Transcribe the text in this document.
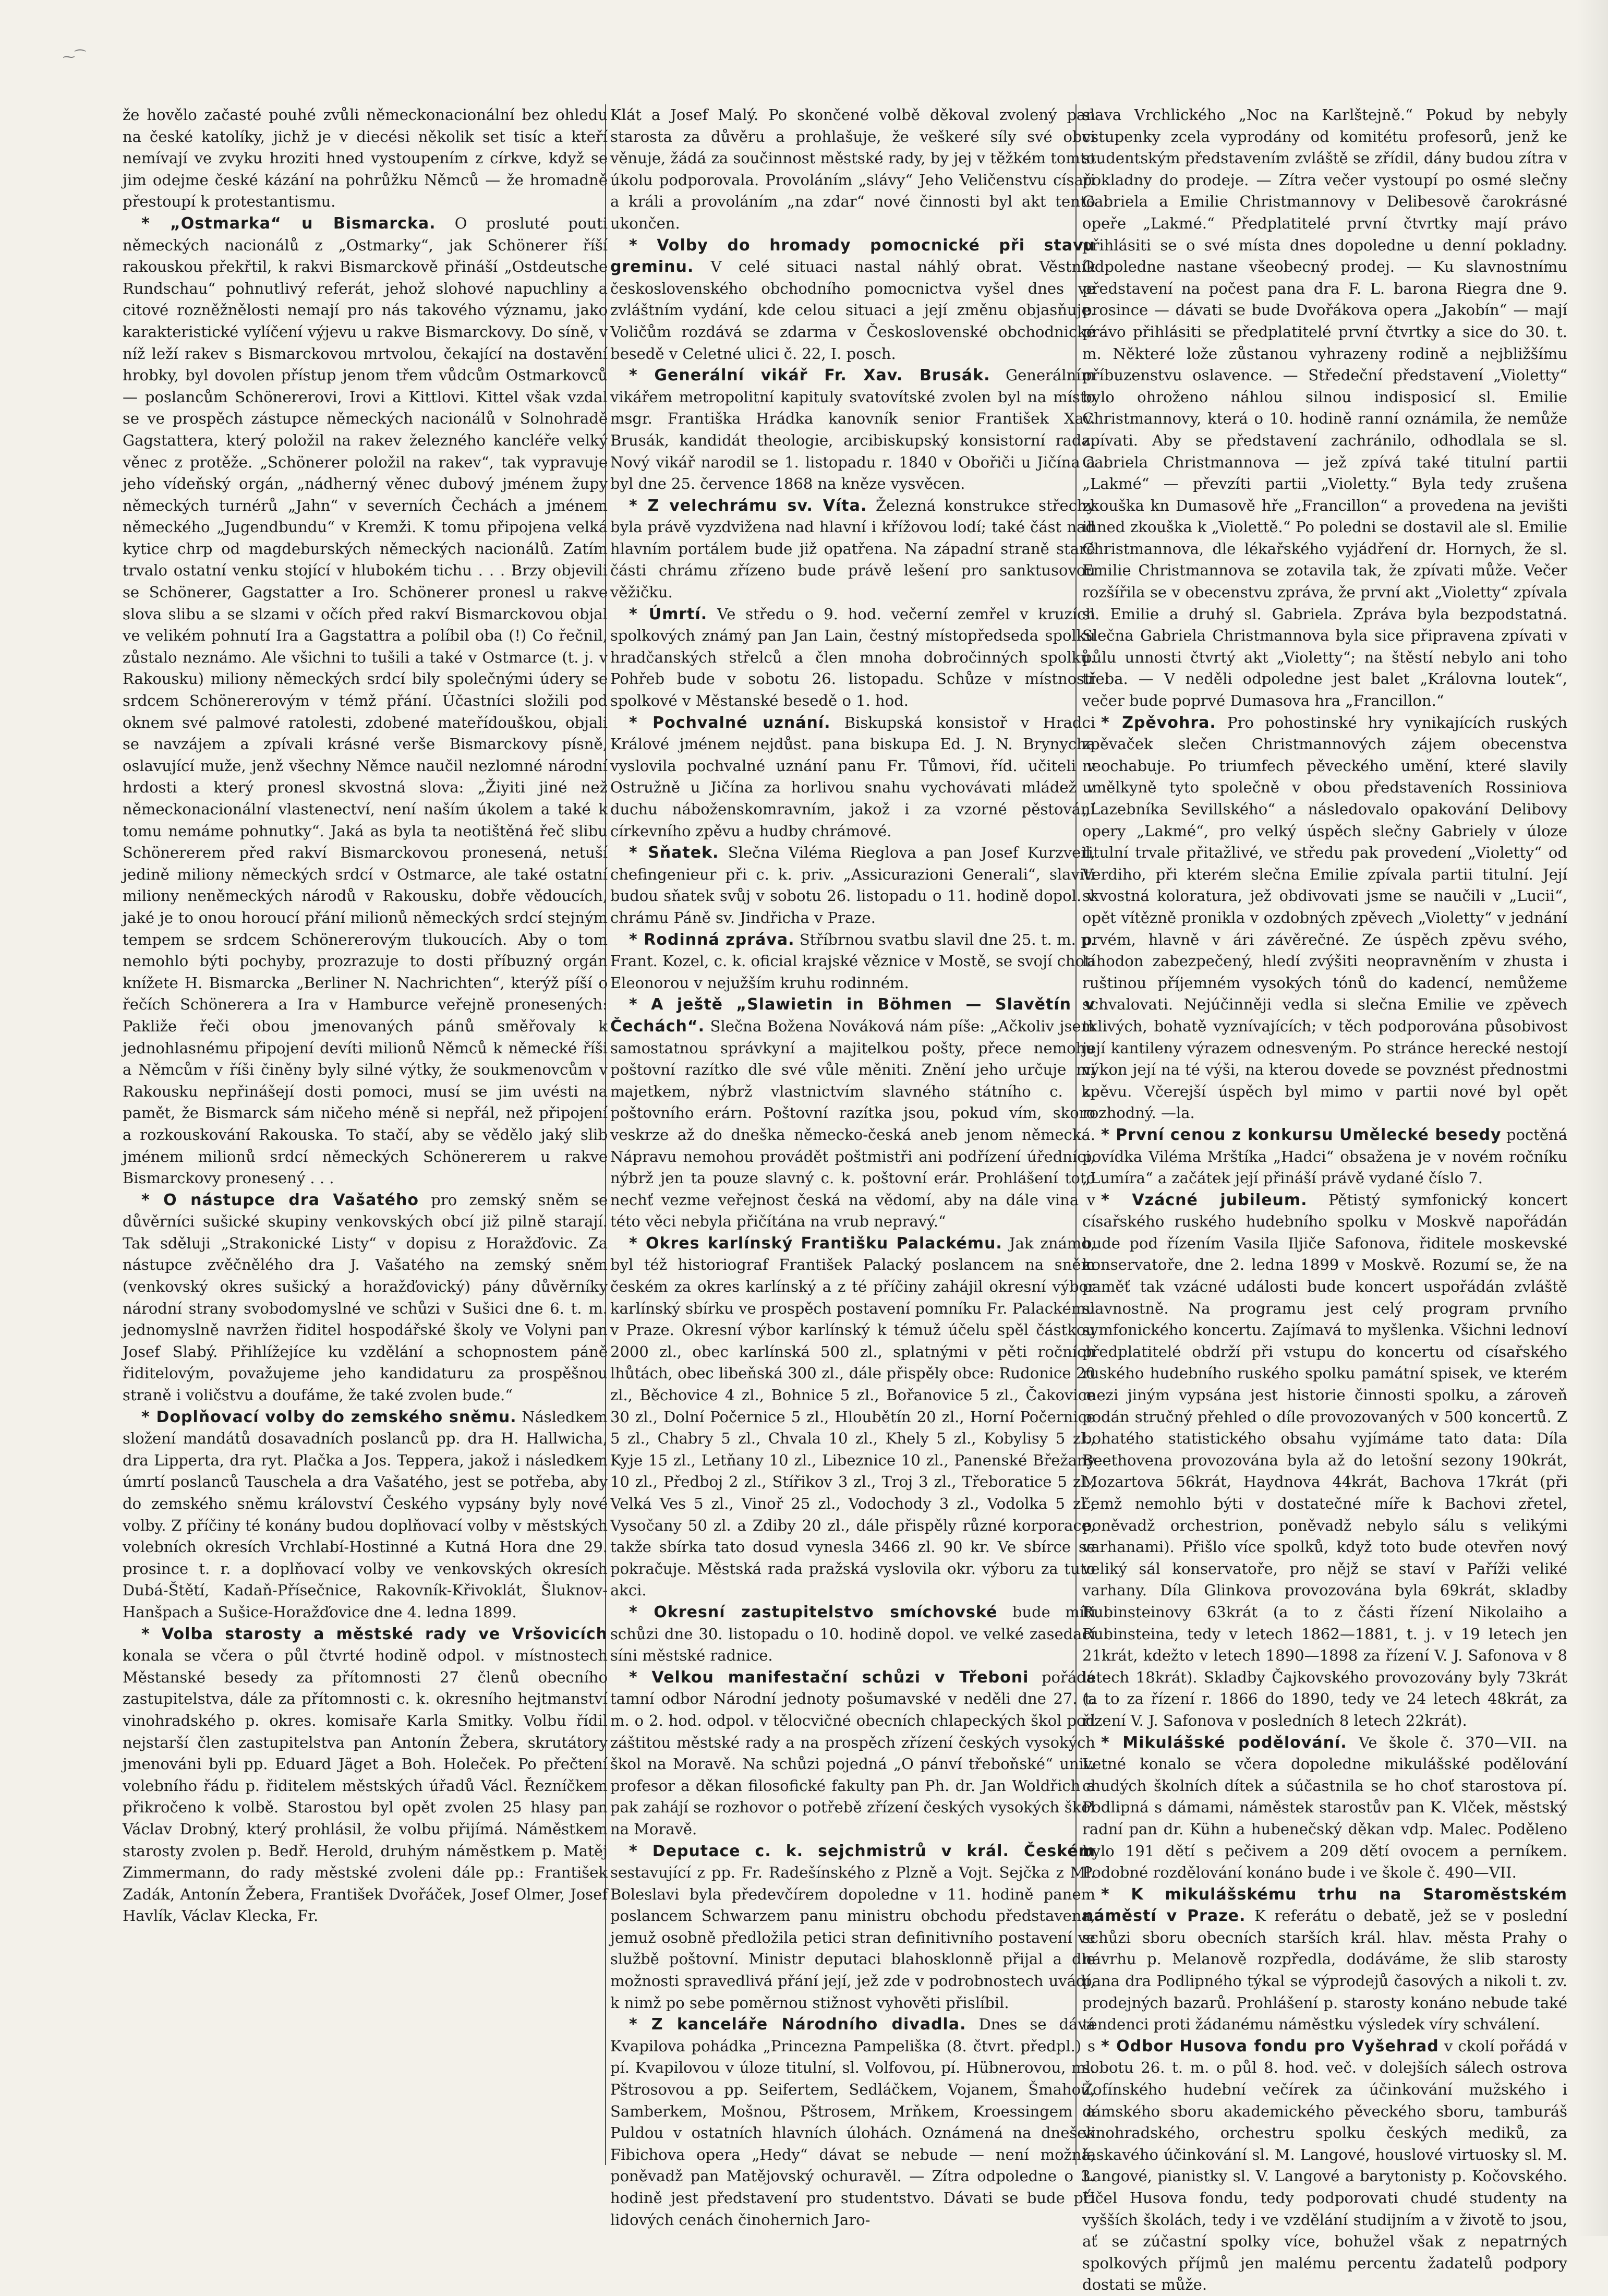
⁓⁀

že hovělo začasté pouhé zvůli německonacionální bez ohledu na české katolíky, jichž je v diecési několik set tisíc a kteří nemívají ve zvyku hroziti hned vystoupením z církve, když se jim odejme české kázání na pohrůžku Němců — že hromadně přestoupí k protestantismu.

* „Ostmarka“ u Bismarcka. O prosluté pouti německých nacionálů z „Ostmarky“, jak Schönerer říší rakouskou překřtil, k rakvi Bismarckově přináší „Ostdeutsche Rundschau“ pohnutlivý referát, jehož slohové napuchliny a citové rozněžnělosti nemají pro nás takového významu, jako karakteristické vylíčení výjevu u rakve Bismarckovy. Do síně, v níž leží rakev s Bismarckovou mrtvolou, čekající na dostavění hrobky, byl dovolen přístup jenom třem vůdcům Ostmarkovců — poslancům Schönererovi, Irovi a Kittlovi. Kittel však vzdal se ve prospěch zástupce německých nacionálů v Solnohradě Gagstattera, který položil na rakev železného kancléře velký věnec z protěže. „Schönerer položil na rakev“, tak vypravuje jeho vídeňský orgán, „nádherný věnec dubový jménem župy německých turnérů „Jahn“ v severních Čechách a jménem německého „Jugendbundu“ v Kremži. K tomu připojena velká kytice chrp od magdeburských německých nacionálů. Zatím trvalo ostatní venku stojící v hlubokém tichu . . . Brzy objevili se Schönerer, Gagstatter a Iro. Schönerer pronesl u rakve slova slibu a se slzami v očích před rakví Bismarckovou objal ve velikém pohnutí Ira a Gagstattra a políbil oba (!) Co řečnil, zůstalo neznámo. Ale všichni to tušili a také v Ostmarce (t. j. v Rakousku) miliony německých srdcí bily společnými údery se srdcem Schönererovým v témž přání. Účastníci složili pod oknem své palmové ratolesti, zdobené mateřídouškou, objali se navzájem a zpívali krásné verše Bismarckovy písně, oslavující muže, jenž všechny Němce naučil nezlomné národní hrdosti a který pronesl skvostná slova: „Žiyiti jiné než německonacionální vlastenectví, není naším úkolem a také k tomu nemáme pohnutky“. Jaká as byla ta neotištěná řeč slibu Schönererem před rakví Bismarckovou pronesená, netuší jedině miliony německých srdcí v Ostmarce, ale také ostatní miliony neněmeckých národů v Rakousku, dobře vědoucích, jaké je to onou horoucí přání milionů německých srdcí stejným tempem se srdcem Schönererovým tlukoucích. Aby o tom nemohlo býti pochyby, prozrazuje to dosti příbuzný orgán knížete H. Bismarcka „Berliner N. Nachrichten“, kterýž píší o řečích Schönerera a Ira v Hamburce veřejně pronesených: Pakliže řeči obou jmenovaných pánů směřovaly k jednohlasnému připojení devíti milionů Němců k německé říši a Němcům v říši činěny byly silné výtky, že soukmenovcům v Rakousku nepřinášejí dosti pomoci, musí se jim uvésti na pamět, že Bismarck sám ničeho méně si nepřál, než připojení a rozkouskování Rakouska. To stačí, aby se vědělo jaký slib jménem milionů srdcí německých Schönererem u rakve Bismarckovy pronesený . . .

* O nástupce dra Vašatého pro zemský sněm se důvěrníci sušické skupiny venkovských obcí již pilně starají. Tak sděluji „Strakonické Listy“ v dopisu z Horažďovic. Za nástupce zvěčnělého dra J. Vašatého na zemský sněm (venkovský okres sušický a horažďovický) pány důvěrníky národní strany svobodomyslné ve schůzi v Sušici dne 6. t. m. jednomyslně navržen řiditel hospodářské školy ve Volyni pan Josef Slabý. Přihlížejíce ku vzdělání a schopnostem páně řiditelovým, považujeme jeho kandidaturu za prospěšnou straně i voličstvu a doufáme, že také zvolen bude.“

* Doplňovací volby do zemského sněmu. Následkem složení mandátů dosavadních poslanců pp. dra H. Hallwicha, dra Lipperta, dra ryt. Plačka a Jos. Teppera, jakož i následkem úmrtí poslanců Tauschela a dra Vašatého, jest se potřeba, aby do zemského sněmu království Českého vypsány byly nové volby. Z příčiny té konány budou doplňovací volby v městských volebních okresích Vrchlabí-Hostinné a Kutná Hora dne 29. prosince t. r. a doplňovací volby ve venkovských okresích Dubá-Štětí, Kadaň-Přísečnice, Rakovník-Křivoklát, Šluknov-Hanšpach a Sušice-Horažďovice dne 4. ledna 1899.

* Volba starosty a městské rady ve Vršovicích konala se včera o půl čtvrté hodině odpol. v místnostech Městanské besedy za přítomnosti 27 členů obecního zastupitelstva, dále za přítomnosti c. k. okresního hejtmanství vinohradského p. okres. komisaře Karla Smitky. Volbu řídil nejstarší člen zastupitelstva pan Antonín Žebera, skrutátory jmenováni byli pp. Eduard Jäget a Boh. Holeček. Po přečtení volebního řádu p. řiditelem městských úřadů Václ. Řezníčkem přikročeno k volbě. Starostou byl opět zvolen 25 hlasy pan Václav Drobný, který prohlásil, že volbu přijímá. Náměstkem starosty zvolen p. Bedř. Herold, druhým náměstkem p. Matěj Zimmermann, do rady městské zvoleni dále pp.: František Zadák, Antonín Žebera, František Dvořáček, Josef Olmer, Josef Havlík, Václav Klecka, Fr.

Klát a Josef Malý. Po skončené volbě děkoval zvolený pan starosta za důvěru a prohlašuje, že veškeré síly své obci věnuje, žádá za součinnost městské rady, by jej v těžkém tomto úkolu podporovala. Provoláním „slávy“ Jeho Veličenstvu císaři a králi a provoláním „na zdar“ nové činnosti byl akt tento ukončen.

* Volby do hromady pomocnické při stavu greminu. V celé situaci nastal náhlý obrat. Věstník československého obchodního pomocnictva vyšel dnes ve zvláštním vydání, kde celou situaci a její změnu objasňuje. Voličům rozdává se zdarma v Československé obchodnické besedě v Celetné ulici č. 22, I. posch.

* Generální vikář Fr. Xav. Brusák. Generálním vikářem metropolitní kapituly svatovítské zvolen byl na místo msgr. Františka Hrádka kanovník senior František Xav. Brusák, kandidát theologie, arcibiskupský konsistorní rada. Nový vikář narodil se 1. listopadu r. 1840 v Obořiči u Jičína a byl dne 25. července 1868 na kněze vysvěcen.

* Z velechrámu sv. Víta. Železná konstrukce střechy byla právě vyzdvižena nad hlavní i křížovou lodí; také část nad hlavním portálem bude již opatřena. Na západní straně staré části chrámu zřízeno bude právě lešení pro sanktusovou věžičku.

* Úmrtí. Ve středu o 9. hod. večerní zemřel v kruzích spolkových známý pan Jan Lain, čestný místopředseda spolku hradčanských střelců a člen mnoha dobročinných spolků. Pohřeb bude v sobotu 26. listopadu. Schůze v místnosti spolkové v Městanské besedě o 1. hod.

* Pochvalné uznání. Biskupská konsistoř v Hradci Králové jménem nejdůst. pana biskupa Ed. J. N. Brynycha vyslovila pochvalné uznání panu Fr. Tůmovi, říd. učiteli v Ostružně u Jičína za horlivou snahu vychovávati mládež v duchu náboženskomravním, jakož i za vzorné pěstování církevního zpěvu a hudby chrámové.

* Sňatek. Slečna Viléma Rieglova a pan Josef Kurzveil, chefingenieur při c. k. priv. „Assicurazioni Generali“, slaviti budou sňatek svůj v sobotu 26. listopadu o 11. hodině dopol. v chrámu Páně sv. Jindřicha v Praze.

* Rodinná zpráva. Stříbrnou svatbu slavil dne 25. t. m. p. Frant. Kozel, c. k. oficial krajské věznice v Mostě, se svojí chotí Eleonorou v nejužším kruhu rodinném.

* A ještě „Slawietin in Böhmen — Slavětín v Čechách“. Slečna Božena Nováková nám píše: „Ačkoliv jsem samostatnou správkyní a majitelkou pošty, přece nemohu poštovní razítko dle své vůle měniti. Znění jeho určuje mi majetkem, nýbrž vlastnictvím slavného státního c. k. poštovního erárn. Poštovní razítka jsou, pokud vím, skoro veskrze až do dneška německo-česká aneb jenom německá. Nápravu nemohou provádět poštmistři ani podřízení úředníci, nýbrž jen ta pouze slavný c. k. poštovní erár. Prohlášení toto nechť vezme veřejnost česká na vědomí, aby na dále vina v této věci nebyla přičítána na vrub nepravý.“

* Okres karlínský Františku Palackému. Jak známo, byl též historiograf František Palacký poslancem na sněm českém za okres karlínský a z té příčiny zahájil okresní výbor karlínský sbírku ve prospěch postavení pomníku Fr. Palackému v Praze. Okresní výbor karlínský k témuž účelu spěl částkou 2000 zl., obec karlínská 500 zl., splatnými v pěti ročních lhůtách, obec libeňská 300 zl., dále přispěly obce: Rudonice 20 zl., Běchovice 4 zl., Bohnice 5 zl., Bořanovice 5 zl., Čakovice 30 zl., Dolní Počernice 5 zl., Hloubětín 20 zl., Horní Počernice 5 zl., Chabry 5 zl., Chvala 10 zl., Khely 5 zl., Kobylisy 5 zl., Kyje 15 zl., Letňany 10 zl., Libeznice 10 zl., Panenské Břežany 10 zl., Předboj 2 zl., Stířikov 3 zl., Troj 3 zl., Třeboratice 5 zl., Velká Ves 5 zl., Vinoř 25 zl., Vodochody 3 zl., Vodolka 5 zl., Vysočany 50 zl. a Zdiby 20 zl., dále přispěly různé korporace, takže sbírka tato dosud vynesla 3466 zl. 90 kr. Ve sbírce se pokračuje. Městská rada pražská vyslovila okr. výboru za tuto akci.

* Okresní zastupitelstvo smíchovské bude míti schůzi dne 30. listopadu o 10. hodině dopol. ve velké zasedací síni městské radnice.

* Velkou manifestační schůzi v Třeboni pořádá tamní odbor Národní jednoty pošumavské v neděli dne 27. t. m. o 2. hod. odpol. v tělocvičné obecních chlapeckých škol pod záštitou městské rady a na prospěch zřízení českých vysokých škol na Moravě. Na schůzi pojedná „O pánví třeboňské“ univ. profesor a děkan filosofické fakulty pan Ph. dr. Jan Woldřich a pak zahájí se rozhovor o potřebě zřízení českých vysokých škol na Moravě.

* Deputace c. k. sejchmistrů v král. Českém sestavující z pp. Fr. Radešínského z Plzně a Vojt. Sejčka z Ml. Boleslavi byla předevčírem dopoledne v 11. hodině panem poslancem Schwarzem panu ministru obchodu představena, jemuž osobně předložila petici stran definitivního postavení ve službě poštovní. Ministr deputaci blahosklonně přijal a dle možnosti spravedlivá přání její, jež zde v podrobnostech uvádí, k nimž po sebe poměrnou stižnost vyhověti přislíbil.

* Z kanceláře Národního divadla. Dnes se dává Kvapilova pohádka „Princezna Pampeliška (8. čtvrt. předpl.) s pí. Kvapilovou v úloze titulní, sl. Volfovou, pí. Hübnerovou, ml. Pštrosovou a pp. Seifertem, Sedláčkem, Vojanem, Šmahou, Samberkem, Mošnou, Pštrosem, Mrňkem, Kroessingem a Puldou v ostatních hlavních úlohách. Oznámená na dnešek Fibichova opera „Hedy“ dávat se nebude — není možná, poněvadž pan Matějovský ochuravěl. — Zítra odpoledne o 3. hodině jest představení pro studentstvo. Dávati se bude při lidových cenách činohernich Jaro-

slava Vrchlického „Noc na Karlštejně.“ Pokud by nebyly vstupenky zcela vyprodány od komitétu profesorů, jenž ke studentským představením zvláště se zřídil, dány budou zítra v pokladny do prodeje. — Zítra večer vystoupí po osmé slečny Gabriela a Emilie Christmannovy v Delibesově čarokrásné opeře „Lakmé.“ Předplatitelé první čtvrtky mají právo přihlásiti se o své místa dnes dopoledne u denní pokladny. Odpoledne nastane všeobecný prodej. — Ku slavnostnímu představení na počest pana dra F. L. barona Riegra dne 9. prosince — dávati se bude Dvořákova opera „Jakobín“ — mají právo přihlásiti se předplatitelé první čtvrtky a sice do 30. t. m. Některé lože zůstanou vyhrazeny rodině a nejbližšímu příbuzenstvu oslavence. — Středeční představení „Violetty“ bylo ohroženo náhlou silnou indisposicí sl. Emilie Christmannovy, která o 10. hodině ranní oznámila, že nemůže zpívati. Aby se představení zachránilo, odhodlala se sl. Gabriela Christmannova — jež zpívá také titulní partii „Lakmé“ — převzíti partii „Violetty.“ Byla tedy zrušena zkouška kn Dumasově hře „Francillon“ a provedena na jevišti ihned zkouška k „Violettě.“ Po poledni se dostavil ale sl. Emilie Christmannova, dle lékařského vyjádření dr. Hornych, že sl. Emilie Christmannova se zotavila tak, že zpívati může. Večer rozšířila se v obecenstvu zpráva, že první akt „Violetty“ zpívala sl. Emilie a druhý sl. Gabriela. Zpráva byla bezpodstatná. Slečna Gabriela Christmannova byla sice připravena zpívati v půlu unnosti čtvrtý akt „Violetty“; na štěstí nebylo ani toho třeba. — V neděli odpoledne jest balet „Královna loutek“, večer bude poprvé Dumasova hra „Francillon.“

* Zpěvohra. Pro pohostinské hry vynikajících ruských zpěvaček slečen Christmannových zájem obecenstva neochabuje. Po triumfech pěveckého umění, které slavily umělkyně tyto společně v obou představeních Rossiniova „Lazebníka Sevillského“ a následovalo opakování Delibovy opery „Lakmé“, pro velký úspěch slečny Gabriely v úloze titulní trvale přitažlivé, ve středu pak provedení „Violetty“ od Verdiho, při kterém slečna Emilie zpívala partii titulní. Její skvostná koloratura, jež obdivovati jsme se naučili v „Lucii“, opět vítězně pronikla v ozdobných zpěvech „Violetty“ v jednání prvém, hlavně v ári závěrečné. Ze úspěch zpěvu svého, lahodon zabezpečený, hledí zvýšiti neopravněním v zhusta i ruštinou příjemném vysokých tónů do kadencí, nemůžeme schvalovati. Nejúčinněji vedla si slečna Emilie ve zpěvech tklivých, bohatě vyznívajících; v těch podporována působivost její kantileny výrazem odnesveným. Po stránce herecké nestojí výkon její na té výši, na kterou dovede se povznést přednostmi zpěvu. Včerejší úspěch byl mimo v partii nové byl opět rozhodný. —la.

* První cenou z konkursu Umělecké besedy poctěná povídka Viléma Mrštíka „Hadci“ obsažena je v novém ročníku „Lumíra“ a začátek její přináší právě vydané číslo 7.

* Vzácné jubileum. Pětistý symfonický koncert císařského ruského hudebního spolku v Moskvě napořádán bude pod řízením Vasila Iljiče Safonova, řiditele moskevské konservatoře, dne 2. ledna 1899 v Moskvě. Rozumí se, že na paměť tak vzácné události bude koncert uspořádán zvláště slavnostně. Na programu jest celý program prvního symfonického koncertu. Zajímavá to myšlenka. Všichni lednoví předplatitelé obdrží při vstupu do koncertu od císařského ruského hudebního ruského spolku památní spisek, ve kterém mezi jiným vypsána jest historie činnosti spolku, a zároveň podán stručný přehled o díle provozovaných v 500 koncertů. Z bohatého statistického obsahu vyjímáme tato data: Díla Beethovena provozována byla až do letošní sezony 190krát, Mozartova 56krát, Haydnova 44krát, Bachova 17krát (při čemž nemohlo býti v dostatečné míře k Bachovi zřetel, poněvadž orchestrion, poněvadž nebylo sálu s velikými varhanami). Přišlo více spolků, když toto bude otevřen nový veliký sál konservatoře, pro nějž se staví v Paříži veliké varhany. Díla Glinkova provozována byla 69krát, skladby Rubinsteinovy 63krát (a to z části řízení Nikolaiho a Rubinsteina, tedy v letech 1862—1881, t. j. v 19 letech jen 21krát, kdežto v letech 1890—1898 za řízení V. J. Safonova v 8 letech 18krát). Skladby Čajkovského provozovány byly 73krát (a to za řízení r. 1866 do 1890, tedy ve 24 letech 48krát, za řízení V. J. Safonova v posledních 8 letech 22krát).

* Mikulášské podělování. Ve škole č. 370—VII. na Letné konalo se včera dopoledne mikulášské podělování chudých školních dítek a súčastnila se ho choť starostova pí. Podlipná s dámami, náměstek starostův pan K. Vlček, městský radní pan dr. Kühn a hubenečský děkan vdp. Malec. Poděleno bylo 191 dětí s pečivem a 209 dětí ovocem a perníkem. Podobné rozdělování konáno bude i ve škole č. 490—VII.

* K mikulášskému trhu na Staroměstském náměstí v Praze. K referátu o debatě, jež se v poslední schůzi sboru obecních starších král. hlav. města Prahy o návrhu p. Melanově rozpředla, dodáváme, že slib starosty pana dra Podlipného týkal se výprodejů časových a nikoli t. zv. prodejných bazarů. Prohlášení p. starosty konáno nebude také tendenci proti žádanému náměstku výsledek víry schválení.

* Odbor Husova fondu pro Vyšehrad v ckolí pořádá v sobotu 26. t. m. o půl 8. hod. več. v dolejších sálech ostrova Žofínského hudební večírek za účinkování mužského i dámského sboru akademického pěveckého sboru, tamburáš vinohradského, orchestru spolku českých mediků, za laskavého účinkování sl. M. Langové, houslové virtuosky sl. M. Langové, pianistky sl. V. Langové a barytonisty p. Kočovského. Účel Husova fondu, tedy podporovati chudé studenty na vyšších školách, tedy i ve vzdělání studijním a v životě to jsou, ať se zúčastní spolky více, bohužel však z nepatrných spolkových příjmů jen malému percentu žadatelů podpory dostati se může.
